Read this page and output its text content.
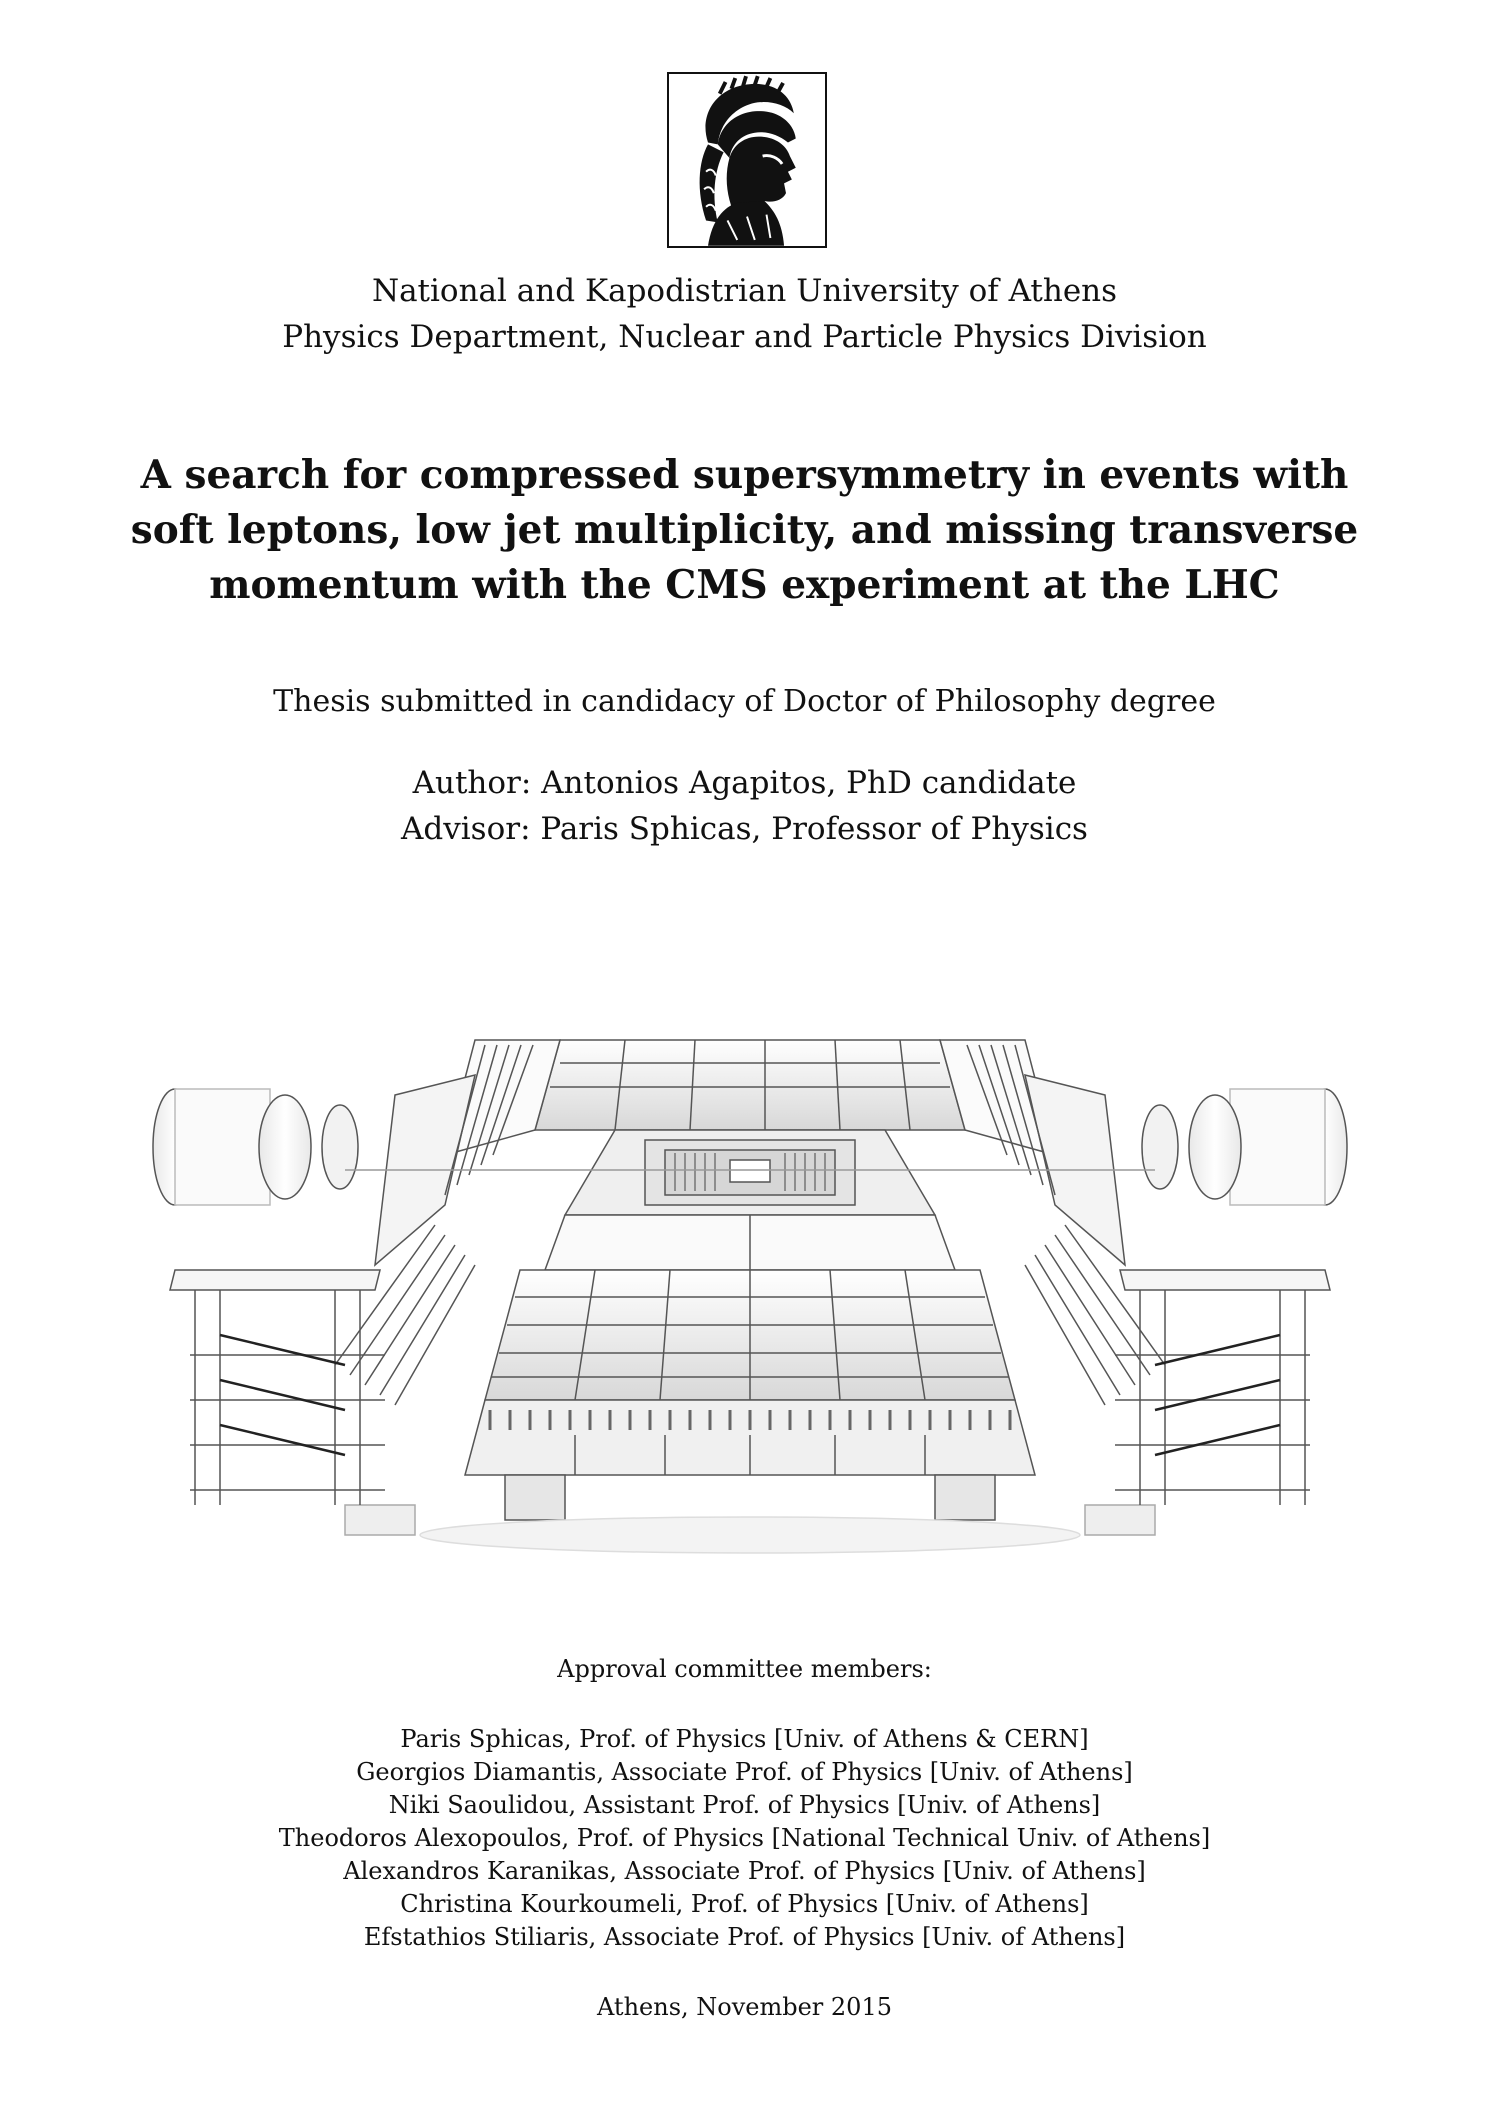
National and Kapodistrian University of Athens
Physics Department, Nuclear and Particle Physics Division
A search for compressed supersymmetry in events with
soft leptons, low jet multiplicity, and missing transverse
momentum with the CMS experiment at the LHC
Thesis submitted in candidacy of Doctor of Philosophy degree
Author: Antonios Agapitos, PhD candidate
Advisor: Paris Sphicas, Professor of Physics
Approval committee members:
Paris Sphicas, Prof. of Physics [Univ. of Athens & CERN]
Georgios Diamantis, Associate Prof. of Physics [Univ. of Athens]
Niki Saoulidou, Assistant Prof. of Physics [Univ. of Athens]
Theodoros Alexopoulos, Prof. of Physics [National Technical Univ. of Athens]
Alexandros Karanikas, Associate Prof. of Physics [Univ. of Athens]
Christina Kourkoumeli, Prof. of Physics [Univ. of Athens]
Efstathios Stiliaris, Associate Prof. of Physics [Univ. of Athens]
Athens, November 2015
